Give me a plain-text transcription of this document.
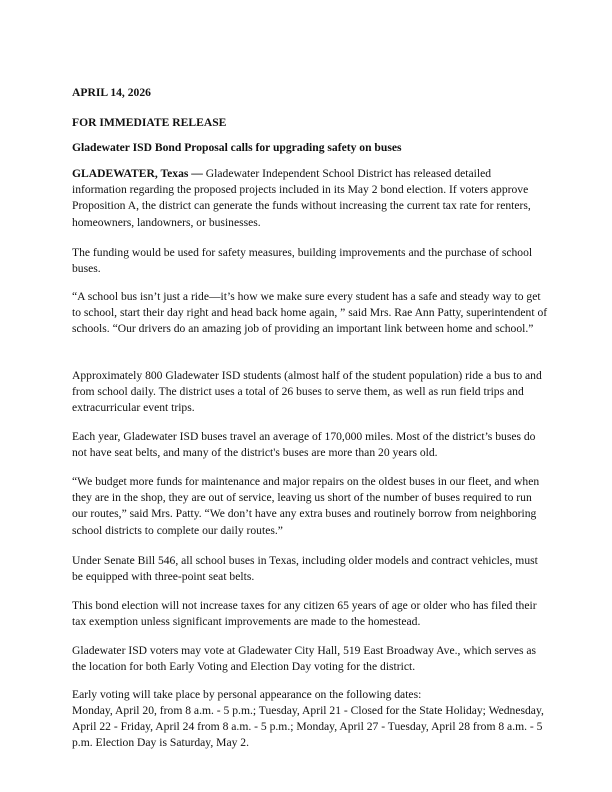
APRIL 14, 2026

FOR IMMEDIATE RELEASE

Gladewater ISD Bond Proposal calls for upgrading safety on buses

GLADEWATER, Texas — Gladewater Independent School District has released detailed information regarding the proposed projects included in its May 2 bond election. If voters approve Proposition A, the district can generate the funds without increasing the current tax rate for renters, homeowners, landowners, or businesses.

The funding would be used for safety measures, building improvements and the purchase of school buses.

“A school bus isn’t just a ride—it’s how we make sure every student has a safe and steady way to get to school, start their day right and head back home again, ” said Mrs. Rae Ann Patty, superintendent of schools. “Our drivers do an amazing job of providing an important link between home and school.”

Approximately 800 Gladewater ISD students (almost half of the student population) ride a bus to and from school daily. The district uses a total of 26 buses to serve them, as well as run field trips and extracurricular event trips.

Each year, Gladewater ISD buses travel an average of 170,000 miles. Most of the district’s buses do not have seat belts, and many of the district's buses are more than 20 years old.

“We budget more funds for maintenance and major repairs on the oldest buses in our fleet, and when they are in the shop, they are out of service, leaving us short of the number of buses required to run our routes,” said Mrs. Patty. “We don’t have any extra buses and routinely borrow from neighboring school districts to complete our daily routes.”

Under Senate Bill 546, all school buses in Texas, including older models and contract vehicles, must be equipped with three-point seat belts.

This bond election will not increase taxes for any citizen 65 years of age or older who has filed their tax exemption unless significant improvements are made to the homestead.

Gladewater ISD voters may vote at Gladewater City Hall, 519 East Broadway Ave., which serves as the location for both Early Voting and Election Day voting for the district.

Early voting will take place by personal appearance on the following dates:

Monday, April 20, from 8 a.m. - 5 p.m.; Tuesday, April 21 - Closed for the State Holiday; Wednesday, April 22 - Friday, April 24 from 8 a.m. - 5 p.m.; Monday, April 27 - Tuesday, April 28 from 8 a.m. - 5 p.m. Election Day is Saturday, May 2.
